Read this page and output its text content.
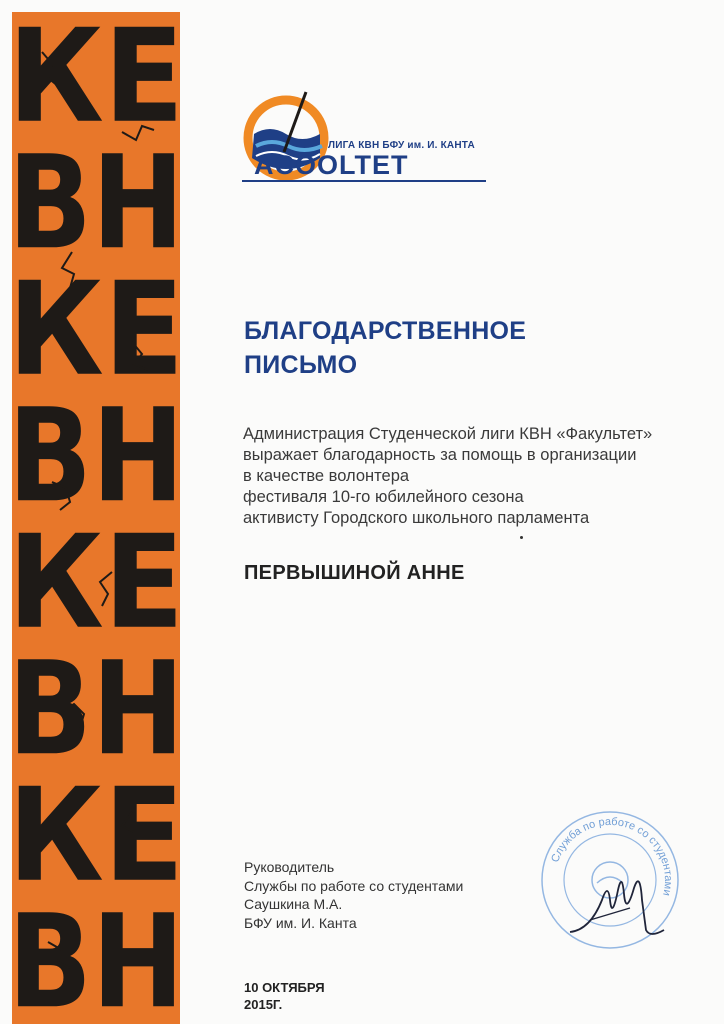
КЕ
ВН
КЕ
ВН
КЕ
ВН
КЕ
ВН
ЛИГА КВН БФУ им. И. КАНТА
ACOOLTET
БЛАГОДАРСТВЕННОЕ
ПИСЬМО
Администрация Студенческой лиги КВН «Факультет»
выражает благодарность за помощь в организации
в качестве волонтера
фестиваля 10-го юбилейного сезона
активисту Городского школьного парламента
ПЕРВЫШИНОЙ АННЕ
Руководитель
Службы по работе со студентами
Саушкина М.А.
БФУ им. И. Канта
10 ОКТЯБРЯ
2015Г.
Служба по работе со студентами
